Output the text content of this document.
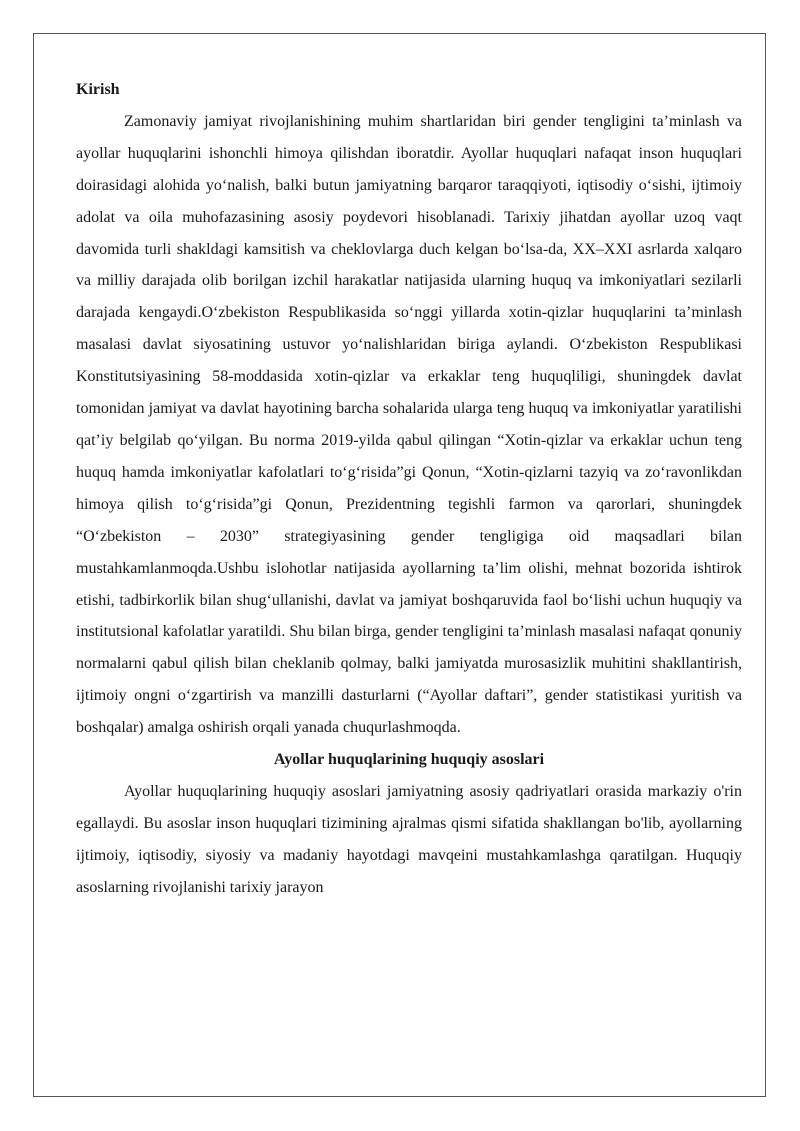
Kirish

Zamonaviy jamiyat rivojlanishining muhim shartlaridan biri gender tengligini ta’minlash va ayollar huquqlarini ishonchli himoya qilishdan iboratdir. Ayollar huquqlari nafaqat inson huquqlari doirasidagi alohida yo‘nalish, balki butun jamiyatning barqaror taraqqiyoti, iqtisodiy o‘sishi, ijtimoiy adolat va oila muhofazasining asosiy poydevori hisoblanadi. Tarixiy jihatdan ayollar uzoq vaqt davomida turli shakldagi kamsitish va cheklovlarga duch kelgan bo‘lsa-da, XX–XXI asrlarda xalqaro va milliy darajada olib borilgan izchil harakatlar natijasida ularning huquq va imkoniyatlari sezilarli darajada kengaydi.O‘zbekiston Respublikasida so‘nggi yillarda xotin-qizlar huquqlarini ta’minlash masalasi davlat siyosatining ustuvor yo‘nalishlaridan biriga aylandi. O‘zbekiston Respublikasi Konstitutsiyasining 58-moddasida xotin-qizlar va erkaklar teng huquqliligi, shuningdek davlat tomonidan jamiyat va davlat hayotining barcha sohalarida ularga teng huquq va imkoniyatlar yaratilishi qat’iy belgilab qo‘yilgan. Bu norma 2019-yilda qabul qilingan “Xotin-qizlar va erkaklar uchun teng huquq hamda imkoniyatlar kafolatlari to‘g‘risida”gi Qonun, “Xotin-qizlarni tazyiq va zo‘ravonlikdan himoya qilish to‘g‘risida”gi Qonun, Prezidentning tegishli farmon va qarorlari, shuningdek “O‘zbekiston – 2030” strategiyasining gender tengligiga oid maqsadlari bilan mustahkamlanmoqda.Ushbu islohotlar natijasida ayollarning ta’lim olishi, mehnat bozorida ishtirok etishi, tadbirkorlik bilan shug‘ullanishi, davlat va jamiyat boshqaruvida faol bo‘lishi uchun huquqiy va institutsional kafolatlar yaratildi. Shu bilan birga, gender tengligini ta’minlash masalasi nafaqat qonuniy normalarni qabul qilish bilan cheklanib qolmay, balki jamiyatda murosasizlik muhitini shakllantirish, ijtimoiy ongni o‘zgartirish va manzilli dasturlarni (“Ayollar daftari”, gender statistikasi yuritish va boshqalar) amalga oshirish orqali yanada chuqurlashmoqda.

Ayollar huquqlarining huquqiy asoslari

Ayollar huquqlarining huquqiy asoslari jamiyatning asosiy qadriyatlari orasida markaziy o'rin egallaydi. Bu asoslar inson huquqlari tizimining ajralmas qismi sifatida shakllangan bo'lib, ayollarning ijtimoiy, iqtisodiy, siyosiy va madaniy hayotdagi mavqeini mustahkamlashga qaratilgan. Huquqiy asoslarning rivojlanishi tarixiy jarayon
